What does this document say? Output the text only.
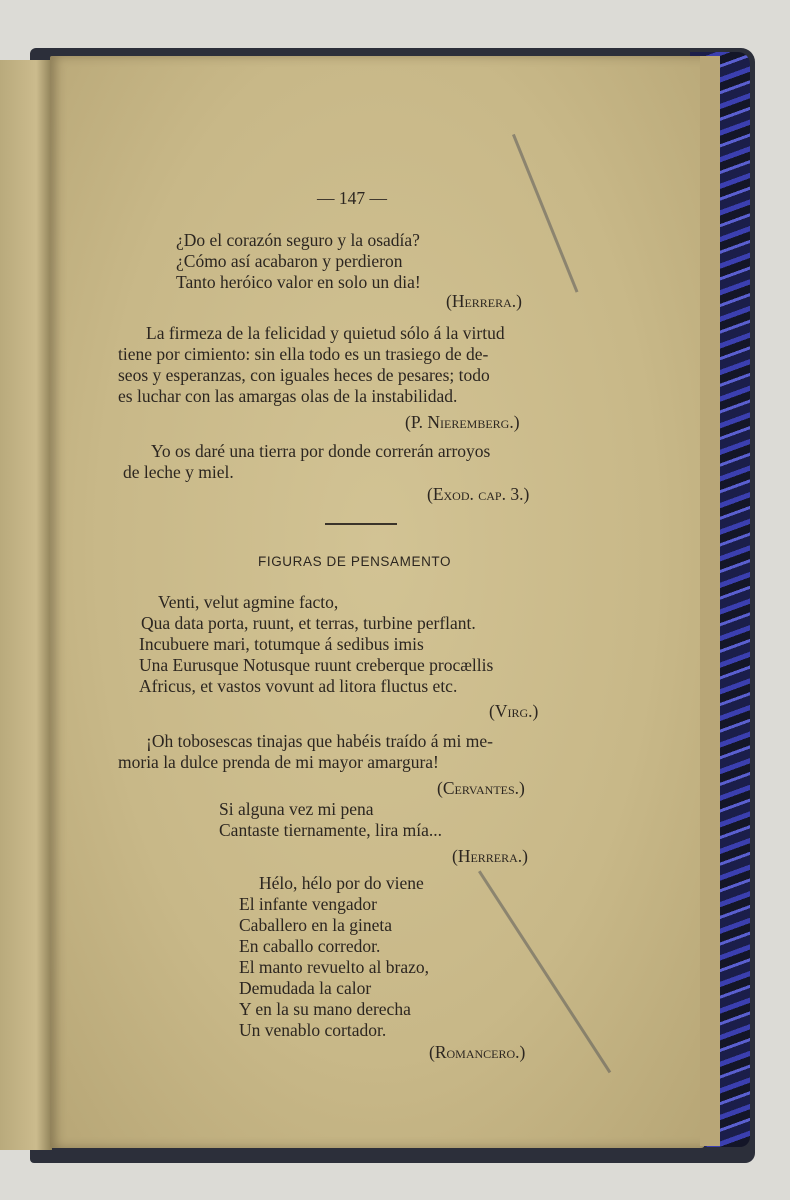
— 147 —
¿Do el corazón seguro y la osadía?
¿Cómo así acabaron y perdieron
Tanto heróico valor en solo un dia!
(Herrera.)
La firmeza de la felicidad y quietud sólo á la virtud
tiene por cimiento: sin ella todo es un trasiego de de-
seos y esperanzas, con iguales heces de pesares; todo
es luchar con las amargas olas de la instabilidad.
(P. Nieremberg.)
Yo os daré una tierra por donde correrán arroyos
de leche y miel.
(Exod. cap. 3.)
FIGURAS DE PENSAMENTO
Venti, velut agmine facto,
Qua data porta, ruunt, et terras, turbine perflant.
Incubuere mari, totumque á sedibus imis
Una Eurusque Notusque ruunt creberque procællis
Africus, et vastos vovunt ad litora fluctus etc.
(Virg.)
¡Oh tobosescas tinajas que habéis traído á mi me-
moria la dulce prenda de mi mayor amargura!
(Cervantes.)
Si alguna vez mi pena
Cantaste tiernamente, lira mía...
(Herrera.)
Hélo, hélo por do viene
El infante vengador
Caballero en la gineta
En caballo corredor.
El manto revuelto al brazo,
Demudada la calor
Y en la su mano derecha
Un venablo cortador.
(Romancero.)
